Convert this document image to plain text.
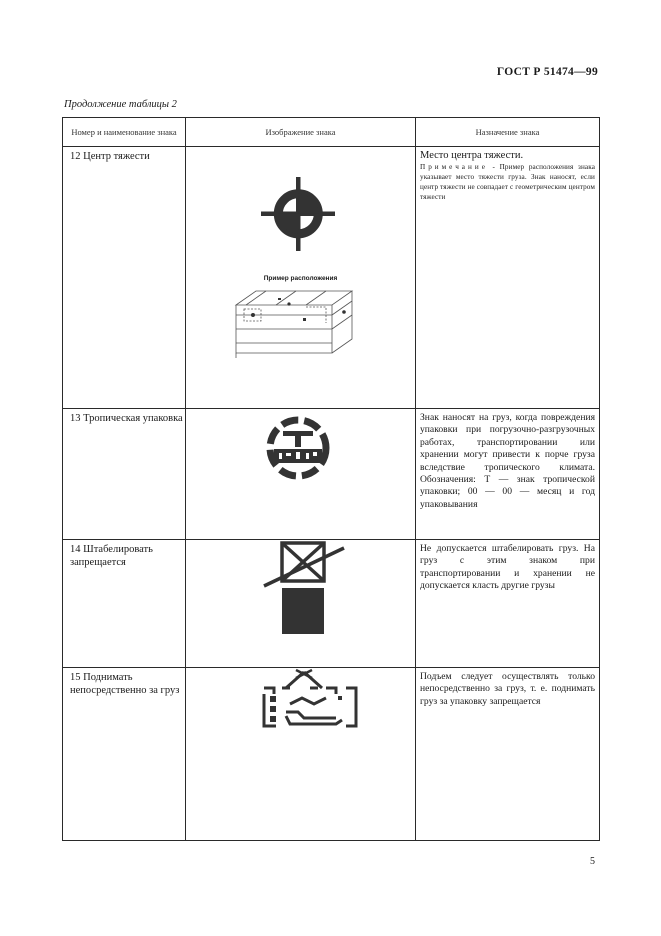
ГОСТ Р 51474—99
Продолжение таблицы 2
Номер и наименование знака	Изображение знака	Назначение знака
12 Центр тяжести	Пример расположения	Место центра тяжести.
Примечание - Пример расположения знака указывает место тяжести груза. Знак наносят, если центр тяжести не совпадает с геометрическим центром тяжести

13 Тропическая упаковка		Знак наносят на груз, когда повреждения упаковки при погрузочно-разгрузочных работах, транспортировании или хранении могут привести к порче груза вследствие тропического климата. Обозначения: Т — знак тропической упаковки; 00 — 00 — месяц и год упаковывания
14 Штабелировать запрещается		Не допускается штабелировать груз. На груз с этим знаком при транспортировании и хранении не допускается класть другие грузы
15 Поднимать непосредственно за груз		Подъем следует осуществлять только непосредственно за груз, т. е. поднимать груз за упаковку запрещается
5
